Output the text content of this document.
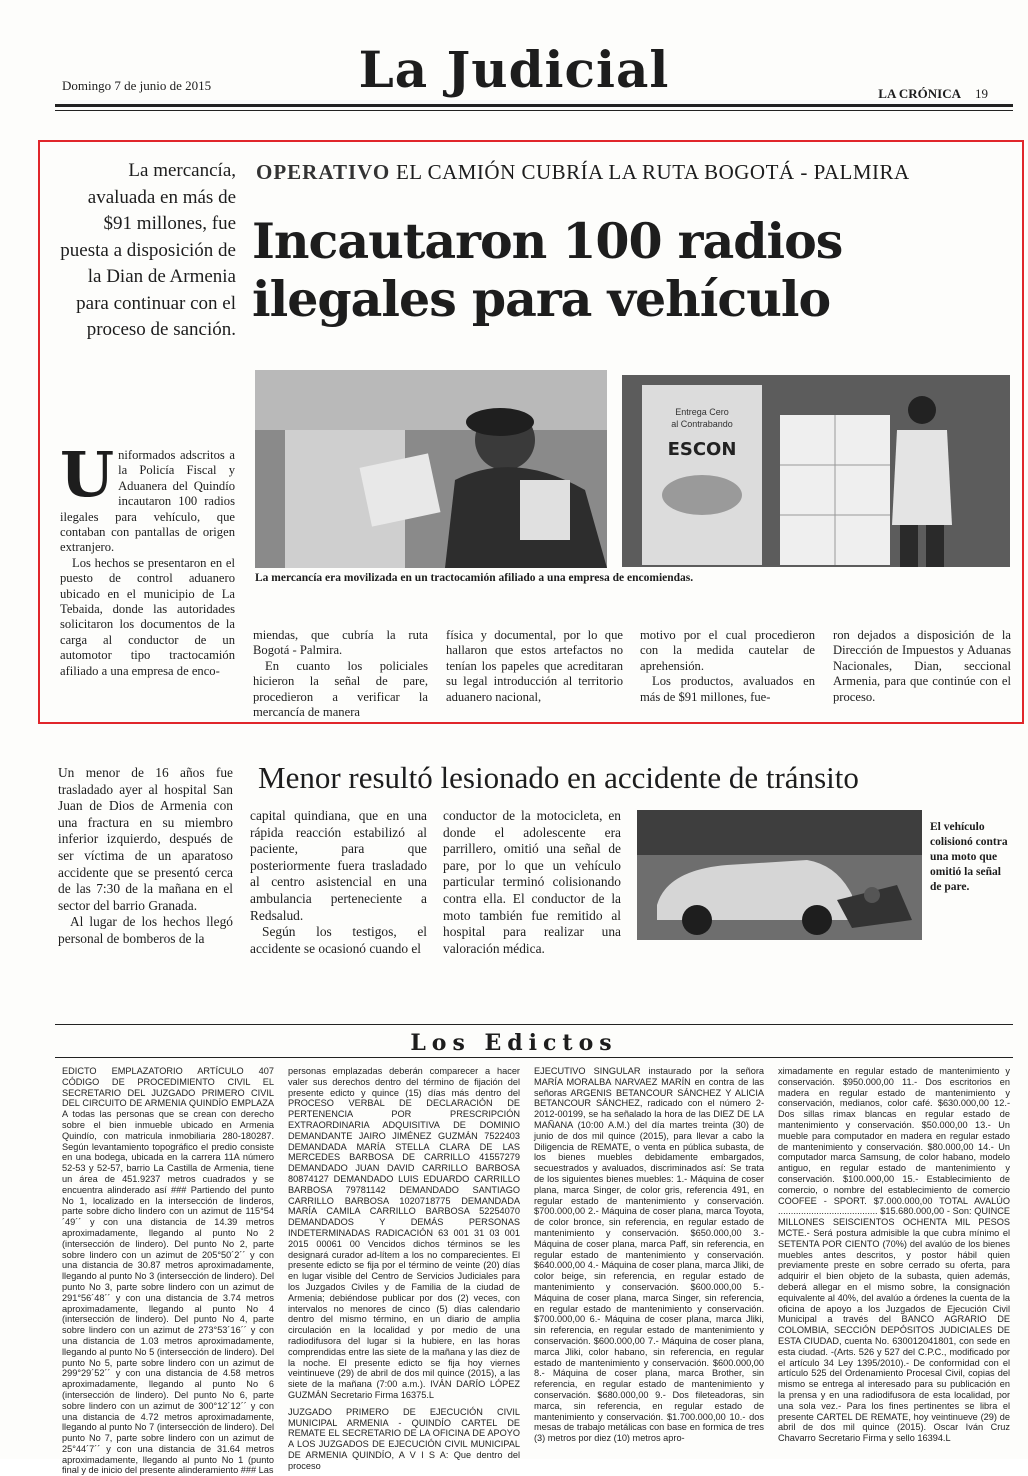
Domingo 7 de junio de 2015	La Judicial	LA CRÓNICA 19
La mercancía, avaluada en más de $91 millones, fue puesta a disposición de la Dian de Armenia para continuar con el proceso de sanción.
OPERATIVO EL CAMIÓN CUBRÍA LA RUTA BOGOTÁ - PALMIRA
Incautaron 100 radios ilegales para vehículo
Entrega Cero
al Contrabando
ESCON
La mercancía era movilizada en un tractocamión afiliado a una empresa de encomiendas.

Uniformados adscritos a la Policía Fiscal y Aduanera del Quindío incautaron 100 radios ilegales para vehículo, que contaban con pantallas de origen extranjero.

Los hechos se presentaron en el puesto de control aduanero ubicado en el municipio de La Tebaida, donde las autoridades solicitaron los documentos de la carga al conductor de un automotor tipo tractocamión afiliado a una empresa de enco-

miendas, que cubría la ruta Bogotá - Palmira.

En cuanto los policiales hicieron la señal de pare, procedieron a verificar la mercancía de manera

física y documental, por lo que hallaron que estos artefactos no tenían los papeles que acreditaran su legal introducción al territorio aduanero nacional,

motivo por el cual procedieron con la medida cautelar de aprehensión.

Los productos, avaluados en más de $91 millones, fue-

ron dejados a disposición de la Dirección de Impuestos y Aduanas Nacionales, Dian, seccional Armenia, para que continúe con el proceso.

Menor resultó lesionado en accidente de tránsito

Un menor de 16 años fue trasladado ayer al hospital San Juan de Dios de Armenia con una fractura en su miembro inferior izquierdo, después de ser víctima de un aparatoso accidente que se presentó cerca de las 7:30 de la mañana en el sector del barrio Granada.

Al lugar de los hechos llegó personal de bomberos de la

capital quindiana, que en una rápida reacción estabilizó al paciente, para que posteriormente fuera trasladado al centro asistencial en una ambulancia perteneciente a Redsalud.

Según los testigos, el accidente se ocasionó cuando el

conductor de la motocicleta, en donde el adolescente era parrillero, omitió una señal de pare, por lo que un vehículo particular terminó colisionando contra ella. El conductor de la moto también fue remitido al hospital para realizar una valoración médica.

El vehículo colisionó contra una moto que omitió la señal de pare.
Los Edictos

EDICTO EMPLAZATORIO ARTÍCULO 407 CÓDIGO DE PROCEDIMIENTO CIVIL EL SECRETARIO DEL JUZGADO PRIMERO CIVIL DEL CIRCUITO DE ARMENIA QUINDÍO EMPLAZA A todas las personas que se crean con derecho sobre el bien inmueble ubicado en Armenia Quindío, con matricula inmobiliaria 280-180287. Según levantamiento topográfico el predio consiste en una bodega, ubicada en la carrera 11A número 52-53 y 52-57, barrio La Castilla de Armenia, tiene un área de 451.9237 metros cuadrados y se encuentra alinderado así ### Partiendo del punto No 1, localizado en la intersección de linderos, parte sobre dicho lindero con un azimut de 115°54´49´´ y con una distancia de 14.39 metros aproximadamente, llegando al punto No 2 (intersección de lindero). Del punto No 2, parte sobre lindero con un azimut de 205°50´2´´ y con una distancia de 30.87 metros aproximadamente, llegando al punto No 3 (intersección de lindero). Del punto No 3, parte sobre lindero con un azimut de 291°56´48´´ y con una distancia de 3.74 metros aproximadamente, llegando al punto No 4 (intersección de lindero). Del punto No 4, parte sobre lindero con un azimut de 273°53´16´´ y con una distancia de 1.03 metros aproximadamente, llegando al punto No 5 (intersección de lindero). Del punto No 5, parte sobre lindero con un azimut de 299°29´52´´ y con una distancia de 4.58 metros aproximadamente, llegando al punto No 6 (intersección de lindero). Del punto No 6, parte sobre lindero con un azimut de 300°12´12´´ y con una distancia de 4.72 metros aproximadamente, llegando al punto No 7 (intersección de lindero). Del punto No 7, parte sobre lindero con un azimut de 25°44´7´´ y con una distancia de 31.64 metros aproximadamente, llegando al punto No 1 (punto final y de inicio del presente alinderamiento ### Las

personas emplazadas deberán comparecer a hacer valer sus derechos dentro del término de fijación del presente edicto y quince (15) días más dentro del PROCESO VERBAL DE DECLARACIÓN DE PERTENENCIA POR PRESCRIPCIÓN EXTRAORDINARIA ADQUISITIVA DE DOMINIO DEMANDANTE JAIRO JIMÉNEZ GUZMÁN 7522403 DEMANDADA MARÍA STELLA CLARA DE LAS MERCEDES BARBOSA DE CARRILLO 41557279 DEMANDADO JUAN DAVID CARRILLO BARBOSA 80874127 DEMANDADO LUIS EDUARDO CARRILLO BARBOSA 79781142 DEMANDADO SANTIAGO CARRILLO BARBOSA 1020718775 DEMANDADA MARÍA CAMILA CARRILLO BARBOSA 52254070 DEMANDADOS Y DEMÁS PERSONAS INDETERMINADAS RADICACIÓN 63 001 31 03 001 2015 00061 00 Vencidos dichos términos se les designará curador ad-lítem a los no comparecientes. El presente edicto se fija por el término de veinte (20) días en lugar visible del Centro de Servicios Judiciales para los Juzgados Civiles y de Familia de la ciudad de Armenia; debiéndose publicar por dos (2) veces, con intervalos no menores de cinco (5) días calendario dentro del mismo término, en un diario de amplia circulación en la localidad y por medio de una radiodifusora del lugar si la hubiere, en las horas comprendidas entre las siete de la mañana y las diez de la noche. El presente edicto se fija hoy viernes veintinueve (29) de abril de dos mil quince (2015), a las siete de la mañana (7:00 a.m.). IVÁN DARÍO LÓPEZ GUZMÁN Secretario Firma 16375.L

JUZGADO PRIMERO DE EJECUCIÓN CIVIL MUNICIPAL ARMENIA - QUINDÍO CARTEL DE REMATE EL SECRETARIO DE LA OFICINA DE APOYO A LOS JUZGADOS DE EJECUCIÓN CIVIL MUNICIPAL DE ARMENIA QUINDÍO, A V I S A: Que dentro del proceso

EJECUTIVO SINGULAR instaurado por la señora MARÍA MORALBA NARVAEZ MARÍN en contra de las señoras ARGENIS BETANCOUR SÁNCHEZ Y ALICIA BETANCOUR SÁNCHEZ, radicado con el número 2-2012-00199, se ha señalado la hora de las DIEZ DE LA MAÑANA (10:00 A.M.) del día martes treinta (30) de junio de dos mil quince (2015), para llevar a cabo la Diligencia de REMATE, o venta en pública subasta, de los bienes muebles debidamente embargados, secuestrados y avaluados, discriminados así: Se trata de los siguientes bienes muebles: 1.- Máquina de coser plana, marca Singer, de color gris, referencia 491, en regular estado de mantenimiento y conservación. $700.000,00 2.- Máquina de coser plana, marca Toyota, de color bronce, sin referencia, en regular estado de mantenimiento y conservación. $650.000,00 3.- Máquina de coser plana, marca Paff, sin referencia, en regular estado de mantenimiento y conservación. $640.000,00 4.- Máquina de coser plana, marca Jliki, de color beige, sin referencia, en regular estado de mantenimiento y conservación. $600.000,00 5.- Máquina de coser plana, marca Singer, sin referencia, en regular estado de mantenimiento y conservación. $700.000,00 6.- Máquina de coser plana, marca Jliki, sin referencia, en regular estado de mantenimiento y conservación. $600.000,00 7.- Máquina de coser plana, marca Jliki, color habano, sin referencia, en regular estado de mantenimiento y conservación. $600.000,00 8.- Máquina de coser plana, marca Brother, sin referencia, en regular estado de mantenimiento y conservación. $680.000,00 9.- Dos fileteadoras, sin marca, sin referencia, en regular estado de mantenimiento y conservación. $1.700.000,00 10.- dos mesas de trabajo metálicas con base en formica de tres (3) metros por diez (10) metros apro-

ximadamente en regular estado de mantenimiento y conservación. $950.000,00 11.- Dos escritorios en madera en regular estado de mantenimiento y conservación, medianos, color café. $630.000,00 12.- Dos sillas rimax blancas en regular estado de mantenimiento y conservación. $50.000,00 13.- Un mueble para computador en madera en regular estado de mantenimiento y conservación. $80.000,00 14.- Un computador marca Samsung, de color habano, modelo antiguo, en regular estado de mantenimiento y conservación. $100.000,00 15.- Establecimiento de comercio, o nombre del establecimiento de comercio COOFEE - SPORT. $7.000.000,00 TOTAL AVALÚO ....................................... $15.680.000,00 - Son: QUINCE MILLONES SEISCIENTOS OCHENTA MIL PESOS MCTE.- Será postura admisible la que cubra mínimo el SETENTA POR CIENTO (70%) del avalúo de los bienes muebles antes descritos, y postor hábil quien previamente preste en sobre cerrado su oferta, para adquirir el bien objeto de la subasta, quien además, deberá allegar en el mismo sobre, la consignación equivalente al 40%, del avalúo a órdenes la cuenta de la oficina de apoyo a los Juzgados de Ejecución Civil Municipal a través del BANCO AGRARIO DE COLOMBIA, SECCIÓN DEPÓSITOS JUDICIALES DE ESTA CIUDAD, cuenta No. 630012041801, con sede en esta ciudad. -(Arts. 526 y 527 del C.P.C., modificado por el artículo 34 Ley 1395/2010).- De conformidad con el artículo 525 del Ordenamiento Procesal Civil, copias del mismo se entrega al interesado para su publicación en la prensa y en una radiodifusora de esta localidad, por una sola vez.- Para los fines pertinentes se libra el presente CARTEL DE REMATE, hoy veintinueve (29) de abril de dos mil quince (2015). Oscar Iván Cruz Chavarro Secretario Firma y sello 16394.L
